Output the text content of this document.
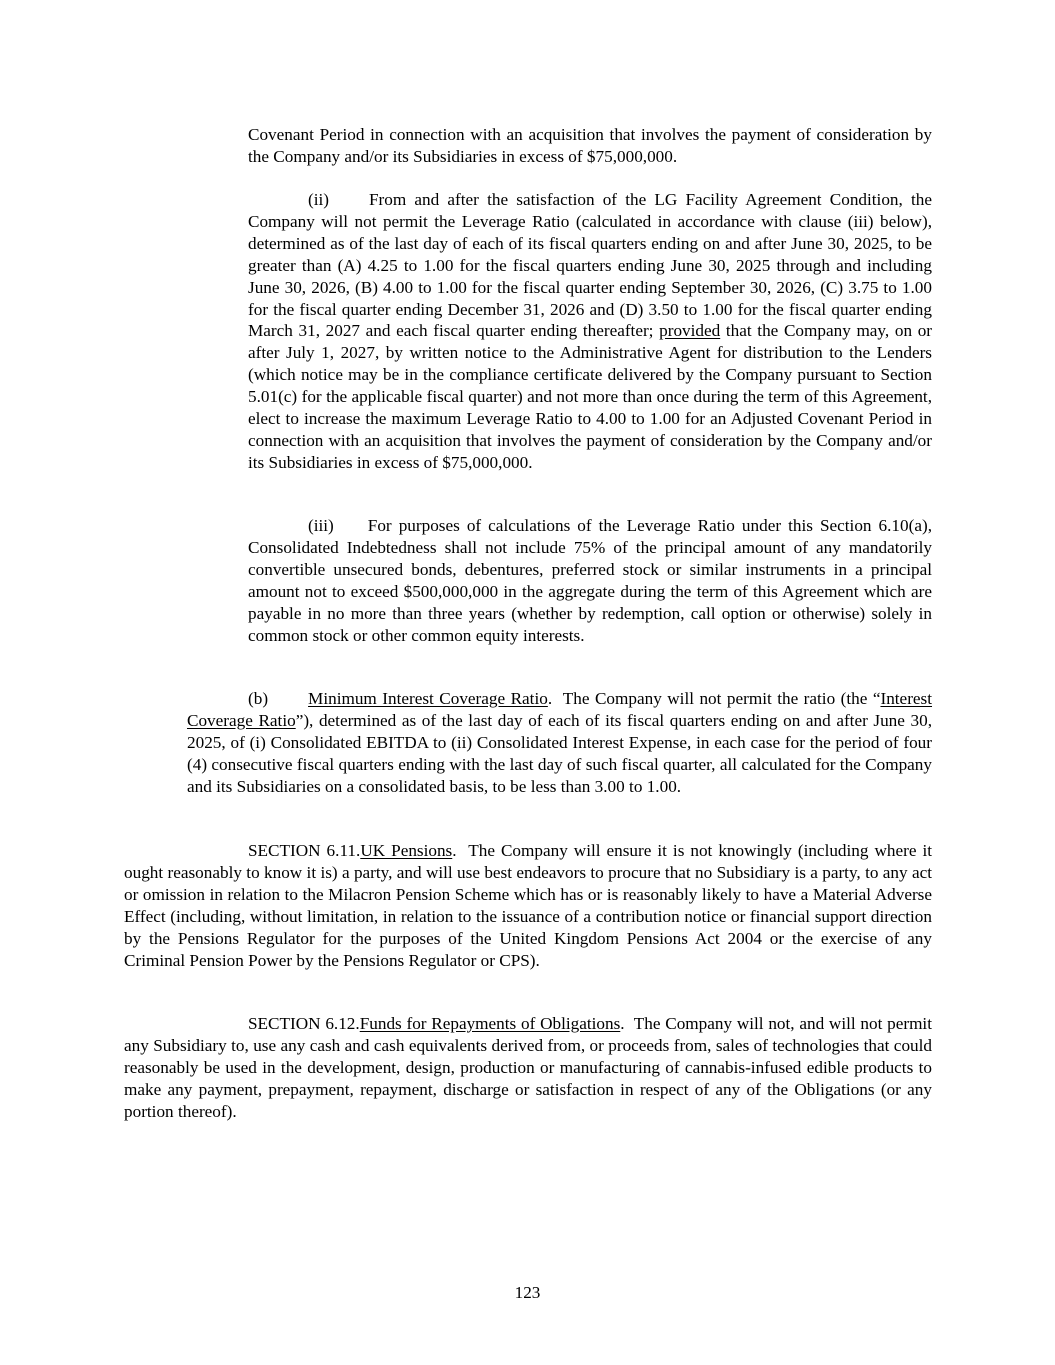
Covenant Period in connection with an acquisition that involves the payment of consideration by the Company and/or its Subsidiaries in excess of $75,000,000.

(ii) From and after the satisfaction of the LG Facility Agreement Condition, the Company will not permit the Leverage Ratio (calculated in accordance with clause (iii) below), determined as of the last day of each of its fiscal quarters ending on and after June 30, 2025, to be greater than (A) 4.25 to 1.00 for the fiscal quarters ending June 30, 2025 through and including June 30, 2026, (B) 4.00 to 1.00 for the fiscal quarter ending September 30, 2026, (C) 3.75 to 1.00 for the fiscal quarter ending December 31, 2026 and (D) 3.50 to 1.00 for the fiscal quarter ending March 31, 2027 and each fiscal quarter ending thereafter; provided that the Company may, on or after July 1, 2027, by written notice to the Administrative Agent for distribution to the Lenders (which notice may be in the compliance certificate delivered by the Company pursuant to Section 5.01(c) for the applicable fiscal quarter) and not more than once during the term of this Agreement, elect to increase the maximum Leverage Ratio to 4.00 to 1.00 for an Adjusted Covenant Period in connection with an acquisition that involves the payment of consideration by the Company and/or its Subsidiaries in excess of $75,000,000.

(iii) For purposes of calculations of the Leverage Ratio under this Section 6.10(a), Consolidated Indebtedness shall not include 75% of the principal amount of any mandatorily convertible unsecured bonds, debentures, preferred stock or similar instruments in a principal amount not to exceed $500,000,000 in the aggregate during the term of this Agreement which are payable in no more than three years (whether by redemption, call option or otherwise) solely in common stock or other common equity interests.

(b) Minimum Interest Coverage Ratio. The Company will not permit the ratio (the “Interest Coverage Ratio”), determined as of the last day of each of its fiscal quarters ending on and after June 30, 2025, of (i) Consolidated EBITDA to (ii) Consolidated Interest Expense, in each case for the period of four (4) consecutive fiscal quarters ending with the last day of such fiscal quarter, all calculated for the Company and its Subsidiaries on a consolidated basis, to be less than 3.00 to 1.00.

SECTION 6.11.UK Pensions. The Company will ensure it is not knowingly (including where it ought reasonably to know it is) a party, and will use best endeavors to procure that no Subsidiary is a party, to any act or omission in relation to the Milacron Pension Scheme which has or is reasonably likely to have a Material Adverse Effect (including, without limitation, in relation to the issuance of a contribution notice or financial support direction by the Pensions Regulator for the purposes of the United Kingdom Pensions Act 2004 or the exercise of any Criminal Pension Power by the Pensions Regulator or CPS).

SECTION 6.12.Funds for Repayments of Obligations. The Company will not, and will not permit any Subsidiary to, use any cash and cash equivalents derived from, or proceeds from, sales of technologies that could reasonably be used in the development, design, production or manufacturing of cannabis-infused edible products to make any payment, prepayment, repayment, discharge or satisfaction in respect of any of the Obligations (or any portion thereof).

123
